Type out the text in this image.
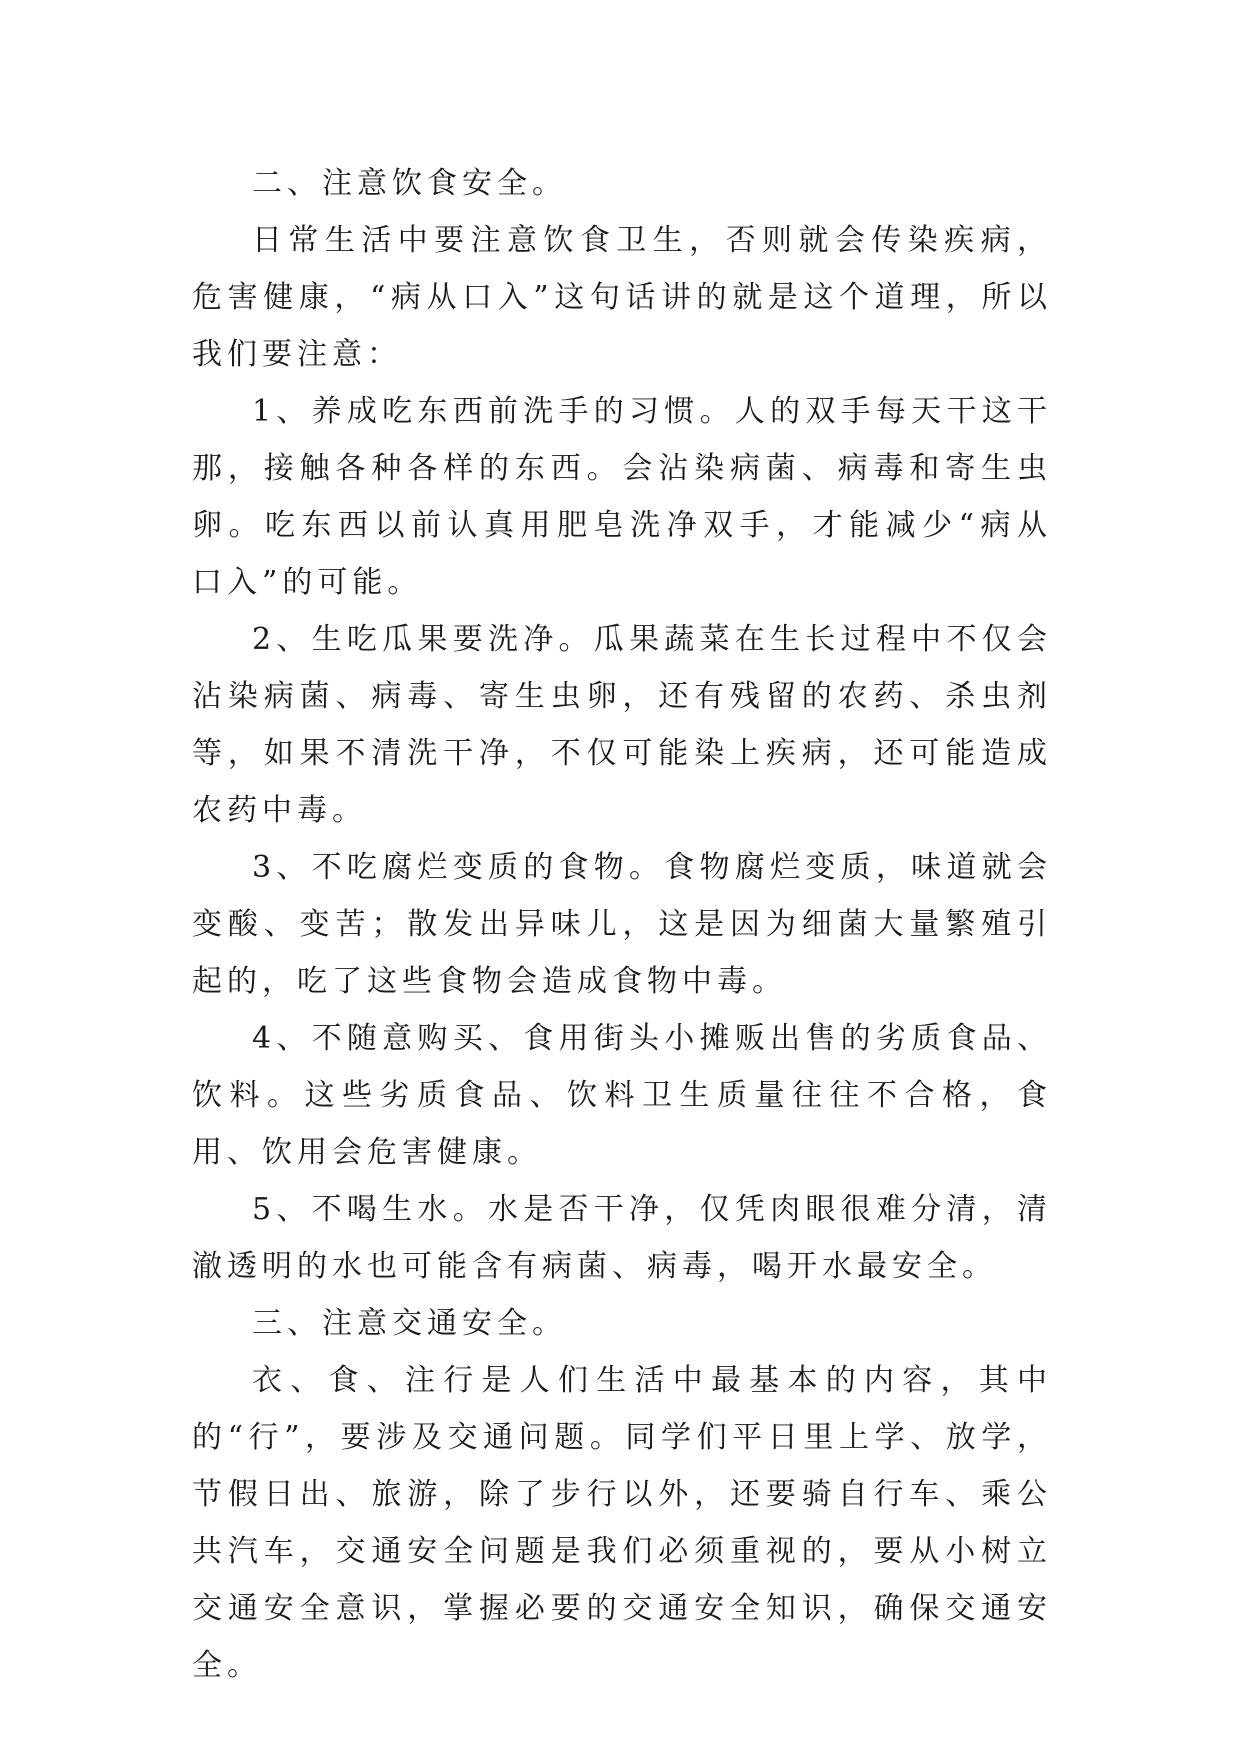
二、注意饮食安全。

日常生活中要注意饮食卫生，否则就会传染疾病，危害健康，“病从口入”这句话讲的就是这个道理，所以我们要注意：

1、养成吃东西前洗手的习惯。人的双手每天干这干那，接触各种各样的东西。会沾染病菌、病毒和寄生虫卵。吃东西以前认真用肥皂洗净双手，才能减少“病从口入”的可能。

2、生吃瓜果要洗净。瓜果蔬菜在生长过程中不仅会沾染病菌、病毒、寄生虫卵，还有残留的农药、杀虫剂等，如果不清洗干净，不仅可能染上疾病，还可能造成农药中毒。

3、不吃腐烂变质的食物。食物腐烂变质，味道就会变酸、变苦；散发出异味儿，这是因为细菌大量繁殖引起的，吃了这些食物会造成食物中毒。

4、不随意购买、食用街头小摊贩出售的劣质食品、饮料。这些劣质食品、饮料卫生质量往往不合格，食用、饮用会危害健康。

5、不喝生水。水是否干净，仅凭肉眼很难分清，清澈透明的水也可能含有病菌、病毒，喝开水最安全。

三、注意交通安全。

衣、食、注行是人们生活中最基本的内容，其中的“行”，要涉及交通问题。同学们平日里上学、放学，节假日出、旅游，除了步行以外，还要骑自行车、乘公共汽车，交通安全问题是我们必须重视的，要从小树立交通安全意识，掌握必要的交通安全知识，确保交通安全。
